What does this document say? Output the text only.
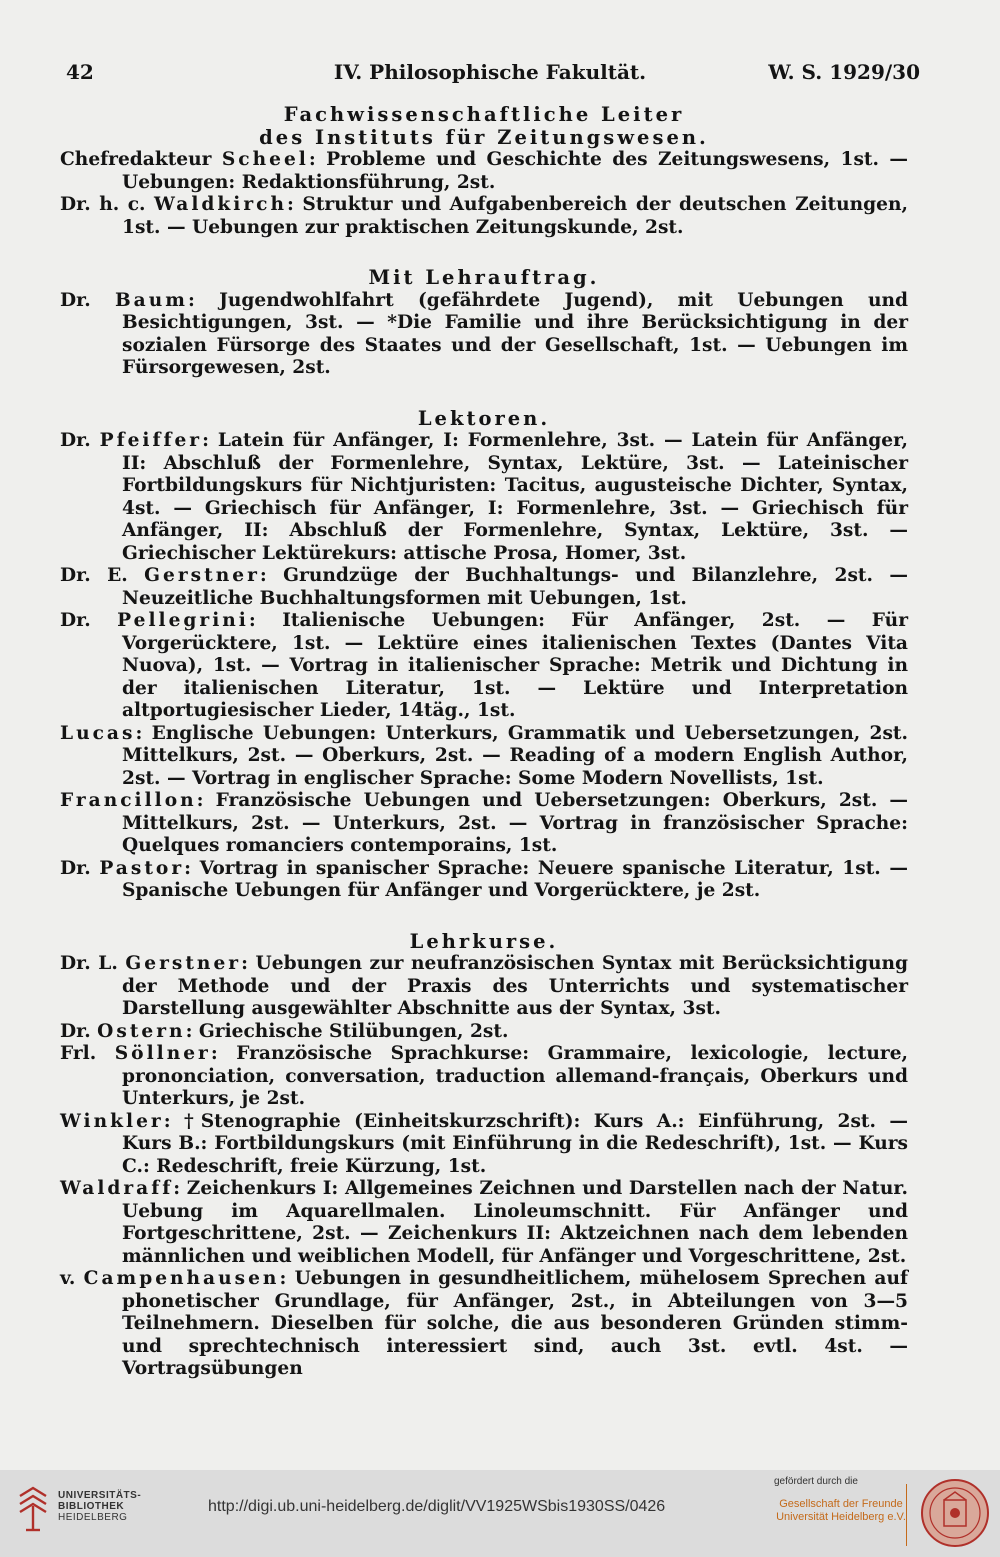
42	IV. Philosophische Fakultät.	W. S. 1929/30
Fachwissenschaftliche Leiter
des Instituts für Zeitungswesen.

Chefredakteur Scheel: Probleme und Geschichte des Zeitungswesens, 1st. — Uebungen: Redaktionsführung, 2st.

Dr. h. c. Waldkirch: Struktur und Aufgabenbereich der deutschen Zeitungen, 1st. — Uebungen zur praktischen Zeitungskunde, 2st.

Mit Lehrauftrag.

Dr. Baum: Jugendwohlfahrt (gefährdete Jugend), mit Uebungen und Besichtigungen, 3st. — *Die Familie und ihre Berücksichtigung in der sozialen Fürsorge des Staates und der Gesellschaft, 1st. — Uebungen im Fürsorgewesen, 2st.

Lektoren.

Dr. Pfeiffer: Latein für Anfänger, I: Formenlehre, 3st. — Latein für Anfänger, II: Abschluß der Formenlehre, Syntax, Lektüre, 3st. — Lateinischer Fortbildungskurs für Nichtjuristen: Tacitus, augusteische Dichter, Syntax, 4st. — Griechisch für Anfänger, I: Formenlehre, 3st. — Griechisch für Anfänger, II: Abschluß der Formenlehre, Syntax, Lektüre, 3st. — Griechischer Lektürekurs: attische Prosa, Homer, 3st.

Dr. E. Gerstner: Grundzüge der Buchhaltungs- und Bilanzlehre, 2st. — Neuzeitliche Buchhaltungsformen mit Uebungen, 1st.

Dr. Pellegrini: Italienische Uebungen: Für Anfänger, 2st. — Für Vorgerücktere, 1st. — Lektüre eines italienischen Textes (Dantes Vita Nuova), 1st. — Vortrag in italienischer Sprache: Metrik und Dichtung in der italienischen Literatur, 1st. — Lektüre und Interpretation altportugiesischer Lieder, 14täg., 1st.

Lucas: Englische Uebungen: Unterkurs, Grammatik und Uebersetzungen, 2st. Mittelkurs, 2st. — Oberkurs, 2st. — Reading of a modern English Author, 2st. — Vortrag in englischer Sprache: Some Modern Novellists, 1st.

Francillon: Französische Uebungen und Uebersetzungen: Oberkurs, 2st. — Mittelkurs, 2st. — Unterkurs, 2st. — Vortrag in französischer Sprache: Quelques romanciers contemporains, 1st.

Dr. Pastor: Vortrag in spanischer Sprache: Neuere spanische Literatur, 1st. — Spanische Uebungen für Anfänger und Vorgerücktere, je 2st.

Lehrkurse.

Dr. L. Gerstner: Uebungen zur neufranzösischen Syntax mit Berücksichtigung der Methode und der Praxis des Unterrichts und systematischer Darstellung ausgewählter Abschnitte aus der Syntax, 3st.

Dr. Ostern: Griechische Stilübungen, 2st.

Frl. Söllner: Französische Sprachkurse: Grammaire, lexicologie, lecture, prononciation, conversation, traduction allemand-français, Oberkurs und Unterkurs, je 2st.

Winkler: †Stenographie (Einheitskurzschrift): Kurs A.: Einführung, 2st. — Kurs B.: Fortbildungskurs (mit Einführung in die Redeschrift), 1st. — Kurs C.: Redeschrift, freie Kürzung, 1st.

Waldraff: Zeichenkurs I: Allgemeines Zeichnen und Darstellen nach der Natur. Uebung im Aquarellmalen. Linoleumschnitt. Für Anfänger und Fortgeschrittene, 2st. — Zeichenkurs II: Aktzeichnen nach dem lebenden männlichen und weiblichen Modell, für Anfänger und Vorgeschrittene, 2st.

v. Campenhausen: Uebungen in gesundheitlichem, mühelosem Sprechen auf phonetischer Grundlage, für Anfänger, 2st., in Abteilungen von 3—5 Teilnehmern. Dieselben für solche, die aus besonderen Gründen stimm- und sprechtechnisch interessiert sind, auch 3st. evtl. 4st. — Vortragsübungen

UNIVERSITÄTS-
BIBLIOTHEK
HEIDELBERG
http://digi.ub.uni-heidelberg.de/diglit/VV1925WSbis1930SS/0426
gefördert durch die
Gesellschaft der Freunde
Universität Heidelberg e.V.
